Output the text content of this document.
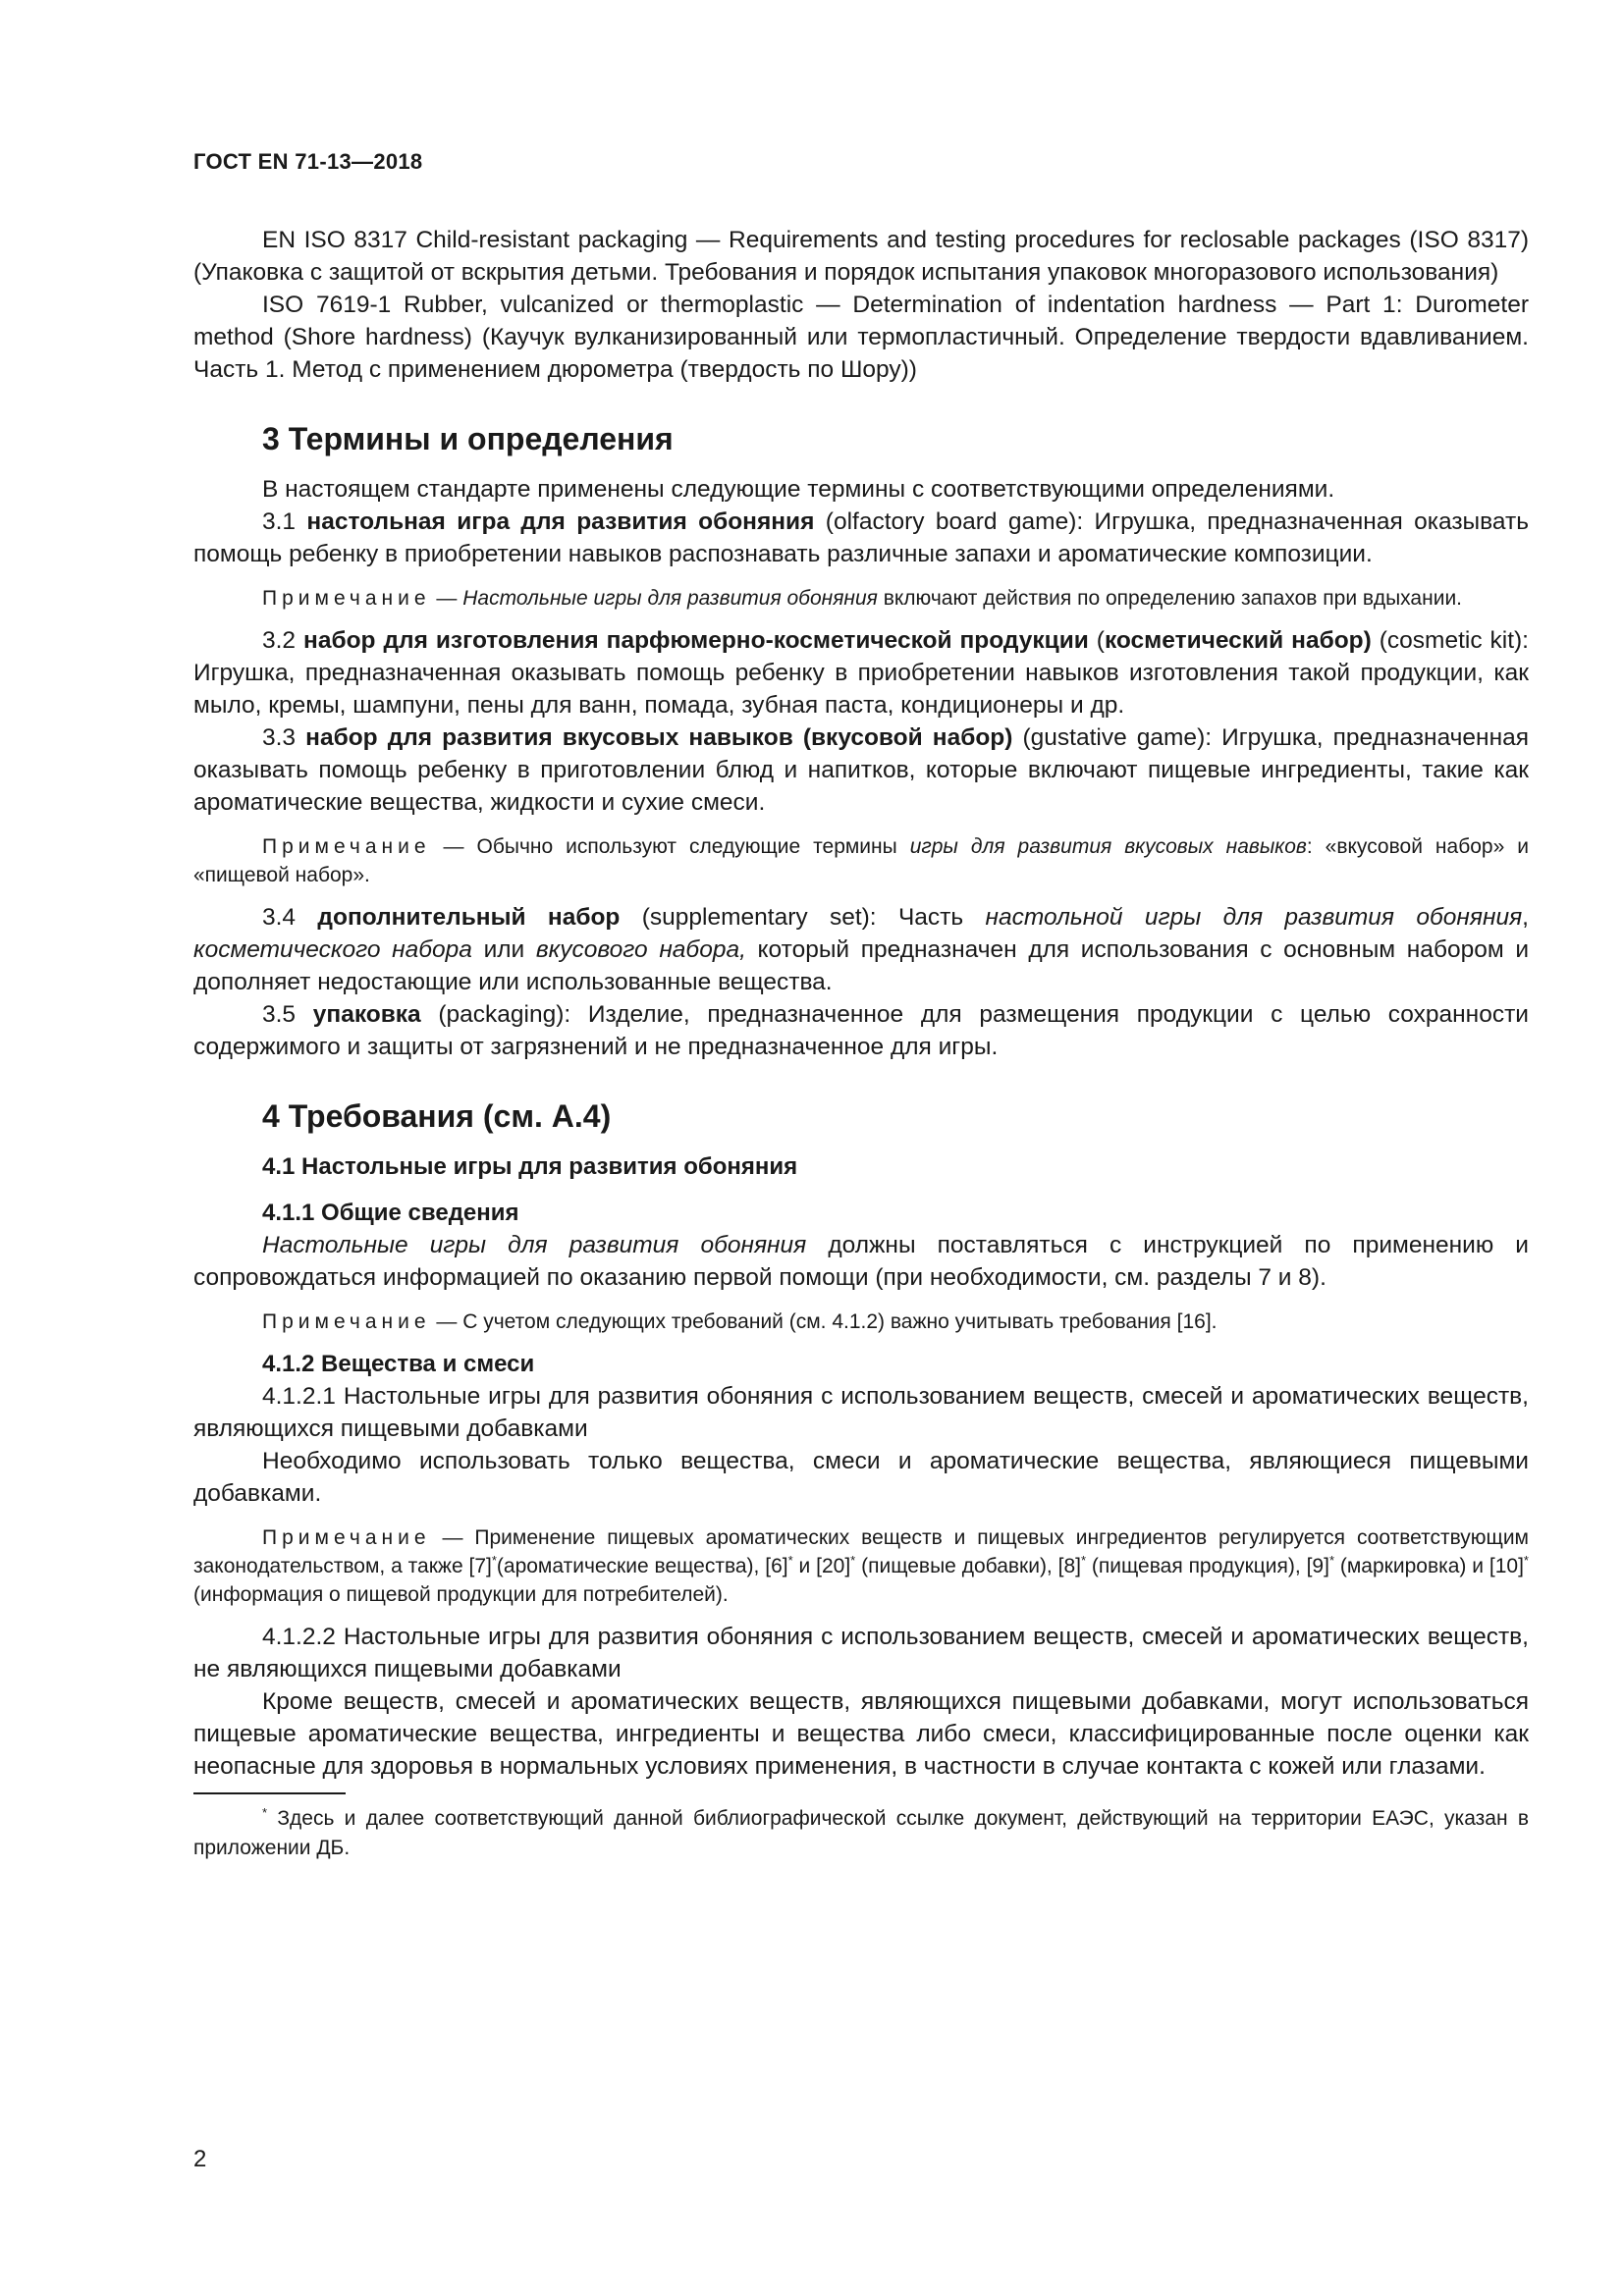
ГОСТ EN 71-13—2018

EN ISO 8317 Child-resistant packaging — Requirements and testing procedures for reclosable packages (ISO 8317) (Упаковка с защитой от вскрытия детьми. Требования и порядок испытания упаковок многоразового использования)

ISO 7619-1 Rubber, vulcanized or thermoplastic — Determination of indentation hardness — Part 1: Durometer method (Shore hardness) (Каучук вулканизированный или термопластичный. Определение твердости вдавливанием. Часть 1. Метод с применением дюрометра (твердость по Шору))

3 Термины и определения

В настоящем стандарте применены следующие термины с соответствующими определениями.

3.1 настольная игра для развития обоняния (olfactory board game): Игрушка, предназначенная оказывать помощь ребенку в приобретении навыков распознавать различные запахи и ароматические композиции.

Примечание — Настольные игры для развития обоняния включают действия по определению запахов при вдыхании.

3.2 набор для изготовления парфюмерно-косметической продукции (косметический набор) (cosmetic kit): Игрушка, предназначенная оказывать помощь ребенку в приобретении навыков изготовления такой продукции, как мыло, кремы, шампуни, пены для ванн, помада, зубная паста, кондиционеры и др.

3.3 набор для развития вкусовых навыков (вкусовой набор) (gustative game): Игрушка, предназначенная оказывать помощь ребенку в приготовлении блюд и напитков, которые включают пищевые ингредиенты, такие как ароматические вещества, жидкости и сухие смеси.

Примечание — Обычно используют следующие термины игры для развития вкусовых навыков: «вкусовой набор» и «пищевой набор».

3.4 дополнительный набор (supplementary set): Часть настольной игры для развития обоняния, косметического набора или вкусового набора, который предназначен для использования с основным набором и дополняет недостающие или использованные вещества.

3.5 упаковка (packaging): Изделие, предназначенное для размещения продукции с целью сохранности содержимого и защиты от загрязнений и не предназначенное для игры.

4 Требования (см. А.4)
4.1 Настольные игры для развития обоняния
4.1.1 Общие сведения

Настольные игры для развития обоняния должны поставляться с инструкцией по применению и сопровождаться информацией по оказанию первой помощи (при необходимости, см. разделы 7 и 8).

Примечание — С учетом следующих требований (см. 4.1.2) важно учитывать требования [16].

4.1.2 Вещества и смеси

4.1.2.1 Настольные игры для развития обоняния с использованием веществ, смесей и ароматических веществ, являющихся пищевыми добавками

Необходимо использовать только вещества, смеси и ароматические вещества, являющиеся пищевыми добавками.

Примечание — Применение пищевых ароматических веществ и пищевых ингредиентов регулируется соответствующим законодательством, а также [7]*(ароматические вещества), [6]* и [20]* (пищевые добавки), [8]* (пищевая продукция), [9]* (маркировка) и [10]* (информация о пищевой продукции для потребителей).

4.1.2.2 Настольные игры для развития обоняния с использованием веществ, смесей и ароматических веществ, не являющихся пищевыми добавками

Кроме веществ, смесей и ароматических веществ, являющихся пищевыми добавками, могут использоваться пищевые ароматические вещества, ингредиенты и вещества либо смеси, классифицированные после оценки как неопасные для здоровья в нормальных условиях применения, в частности в случае контакта с кожей или глазами.

* Здесь и далее соответствующий данной библиографической ссылке документ, действующий на территории ЕАЭС, указан в приложении ДБ.

2
